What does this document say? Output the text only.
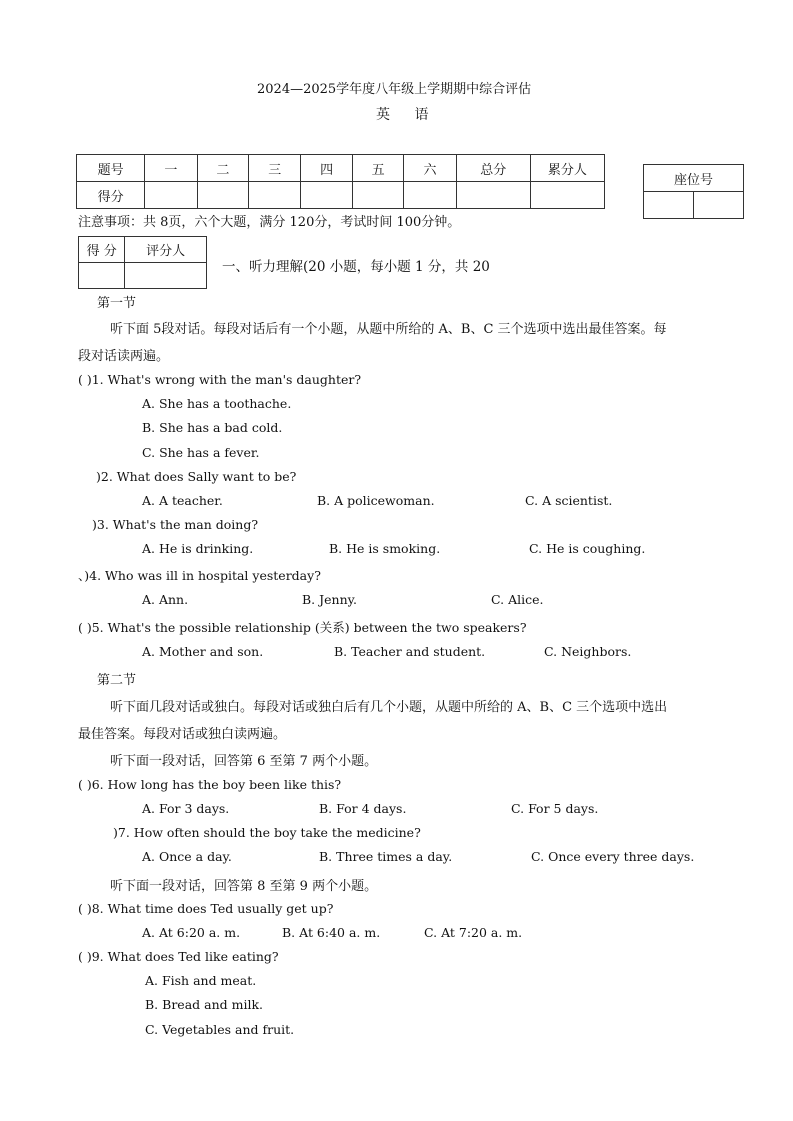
2024—2025学年度八年级上学期期中综合评估
英 语
题号	一	二	三	四	五	六	总分	累分人
得分								
座位号

注意事项：共 8页，六个大题，满分 120分，考试时间 100分钟。
得 分	评分人

一、听力理解(20 小题，每小题 1 分，共 20
第一节
听下面 5段对话。每段对话后有一个小题，从题中所给的 A、B、C 三个选项中选出最佳答案。每
段对话读两遍。
( )1. What's wrong with the man's daughter?
A. She has a toothache.
B. She has a bad cold.
C. She has a fever.
)2. What does Sally want to be?
A. A teacher.	B. A policewoman.	C. A scientist.
)3. What's the man doing?
A. He is drinking.	B. He is smoking.	C. He is coughing.
、)4. Who was ill in hospital yesterday?
A. Ann.	B. Jenny.	C. Alice.
( )5. What's the possible relationship (关系) between the two speakers?
A. Mother and son.	B. Teacher and student.	C. Neighbors.
第二节
听下面几段对话或独白。每段对话或独白后有几个小题，从题中所给的 A、B、C 三个选项中选出
最佳答案。每段对话或独白读两遍。
听下面一段对话，回答第 6 至第 7 两个小题。
( )6. How long has the boy been like this?
A. For 3 days.	B. For 4 days.	C. For 5 days.
)7. How often should the boy take the medicine?
A. Once a day.	B. Three times a day.	C. Once every three days.
听下面一段对话，回答第 8 至第 9 两个小题。
( )8. What time does Ted usually get up?
A. At 6:20 a. m.	B. At 6:40 a. m.	C. At 7:20 a. m.
( )9. What does Ted like eating?
A. Fish and meat.
B. Bread and milk.
C. Vegetables and fruit.
